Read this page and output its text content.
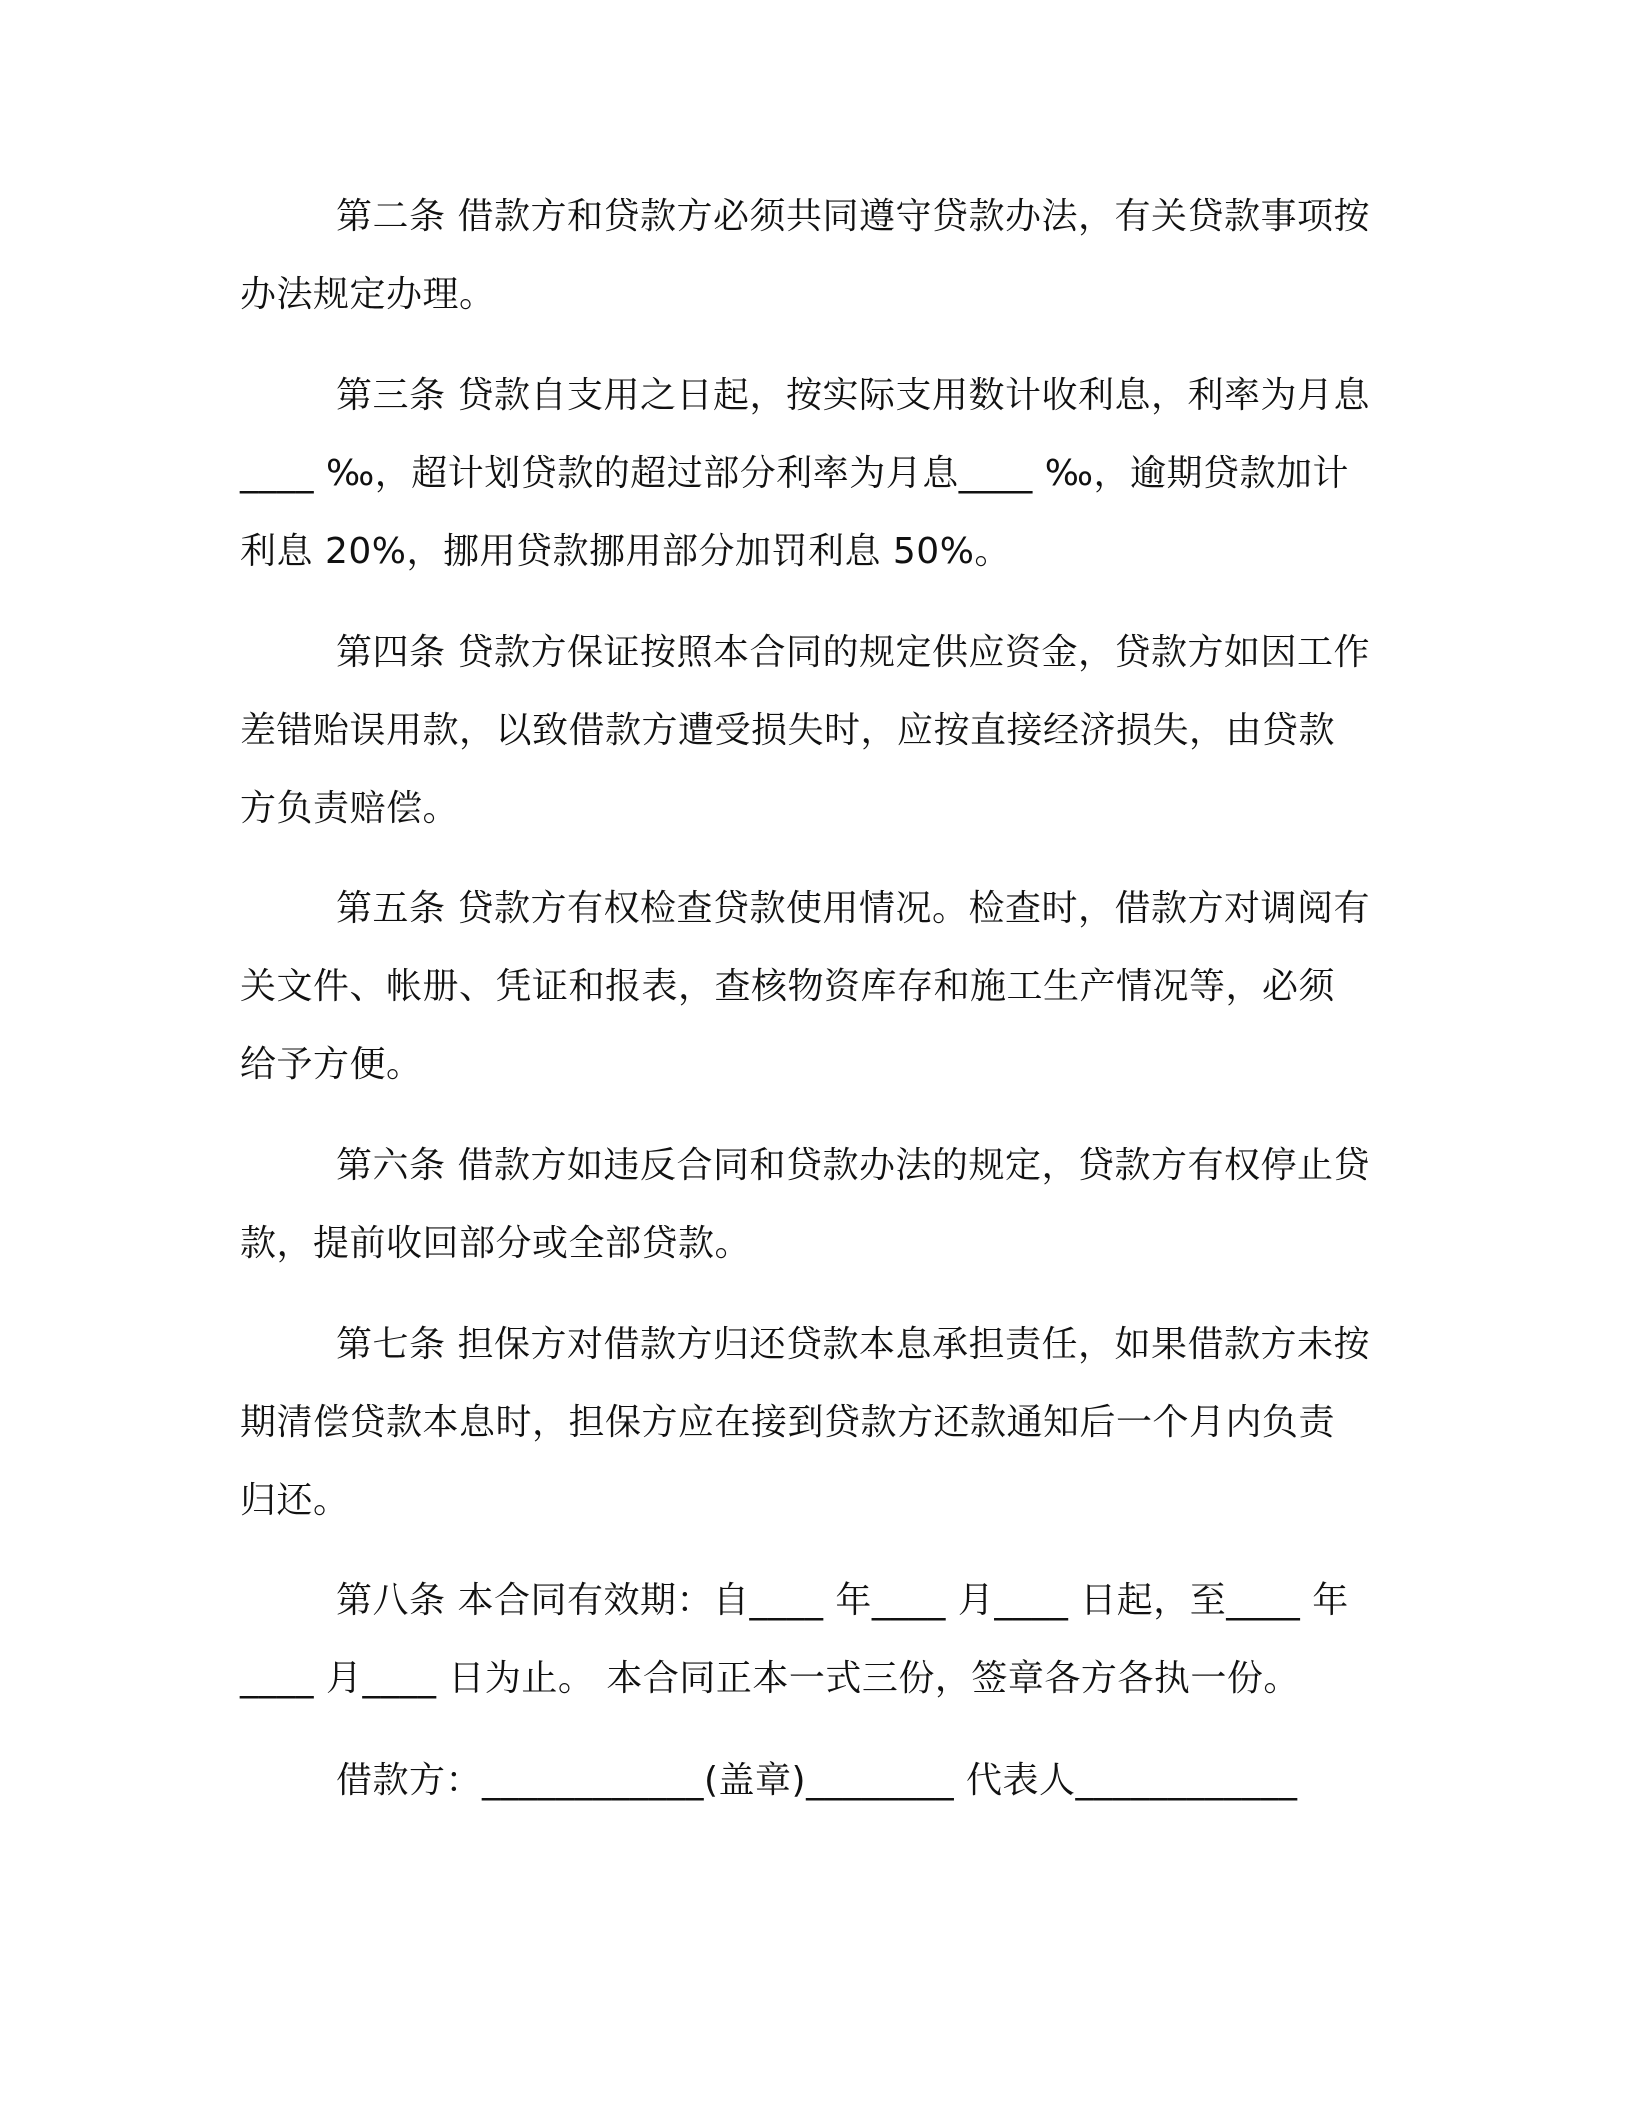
第二条 借款方和贷款方必须共同遵守贷款办法，有关贷款事项按
办法规定办理。
第三条 贷款自支用之日起，按实际支用数计收利息，利率为月息
____ ‰，超计划贷款的超过部分利率为月息____ ‰，逾期贷款加计
利息 20%，挪用贷款挪用部分加罚利息 50%。
第四条 贷款方保证按照本合同的规定供应资金，贷款方如因工作
差错贻误用款，以致借款方遭受损失时，应按直接经济损失，由贷款
方负责赔偿。
第五条 贷款方有权检查贷款使用情况。检查时，借款方对调阅有
关文件、帐册、凭证和报表，查核物资库存和施工生产情况等，必须
给予方便。
第六条 借款方如违反合同和贷款办法的规定，贷款方有权停止贷
款，提前收回部分或全部贷款。
第七条 担保方对借款方归还贷款本息承担责任，如果借款方未按
期清偿贷款本息时，担保方应在接到贷款方还款通知后一个月内负责
归还。
第八条 本合同有效期：自____ 年____ 月____ 日起，至____ 年
____ 月____ 日为止。 本合同正本一式三份，签章各方各执一份。
借款方：____________(盖章)________ 代表人____________
